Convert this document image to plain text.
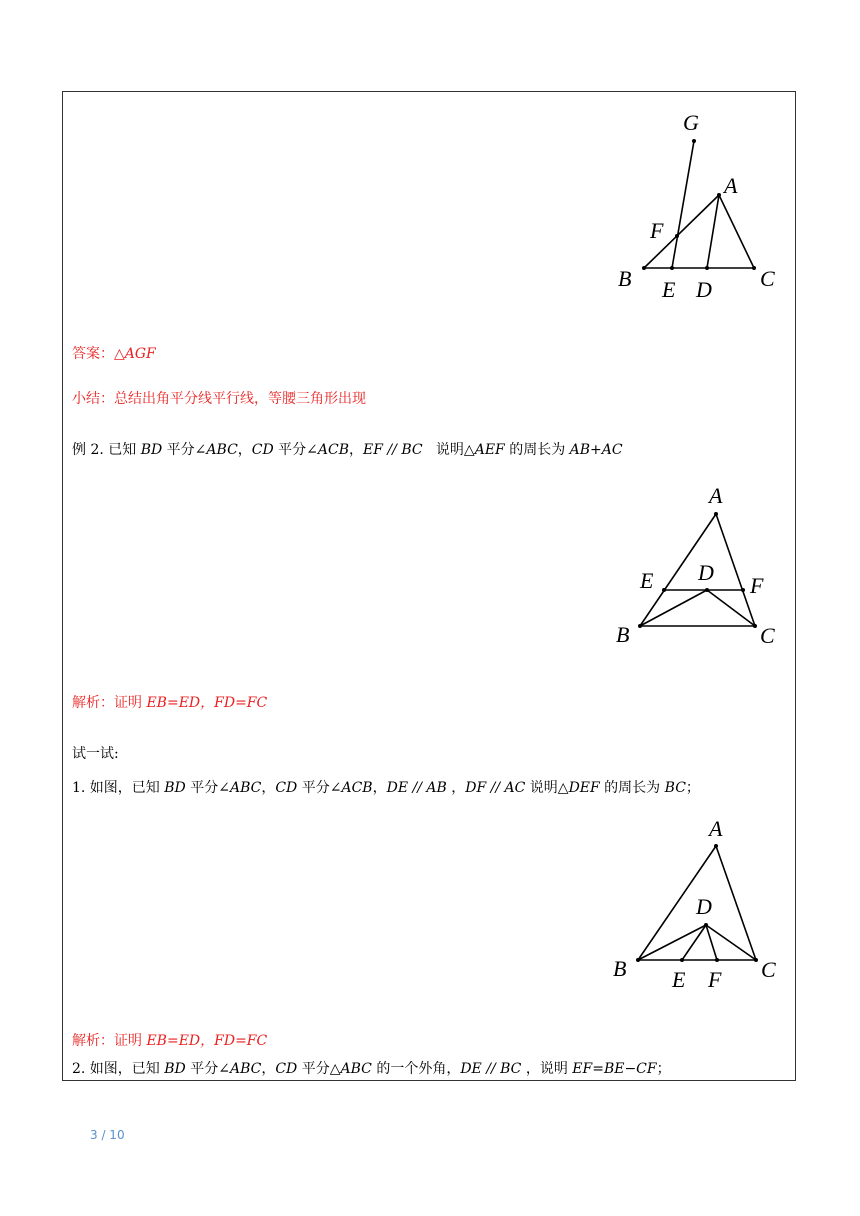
G
A
F
B E D C
答案：△AGF
小结：总结出角平分线平行线，等腰三角形出现
例 2. 已知 BD 平分∠ABC，CD 平分∠ACB，EF // BC   说明△AEF 的周长为 AB+AC
A
D
E	F
B	C
解析：证明 EB=ED，FD=FC
试一试:
1. 如图，已知 BD 平分∠ABC，CD 平分∠ACB，DE // AB ，DF // AC 说明△DEF 的周长为 BC；
A
D
B E F C
解析：证明 EB=ED，FD=FC
2. 如图，已知 BD 平分∠ABC，CD 平分△ABC 的一个外角，DE // BC ，说明 EF=BE−CF；
3 / 10
